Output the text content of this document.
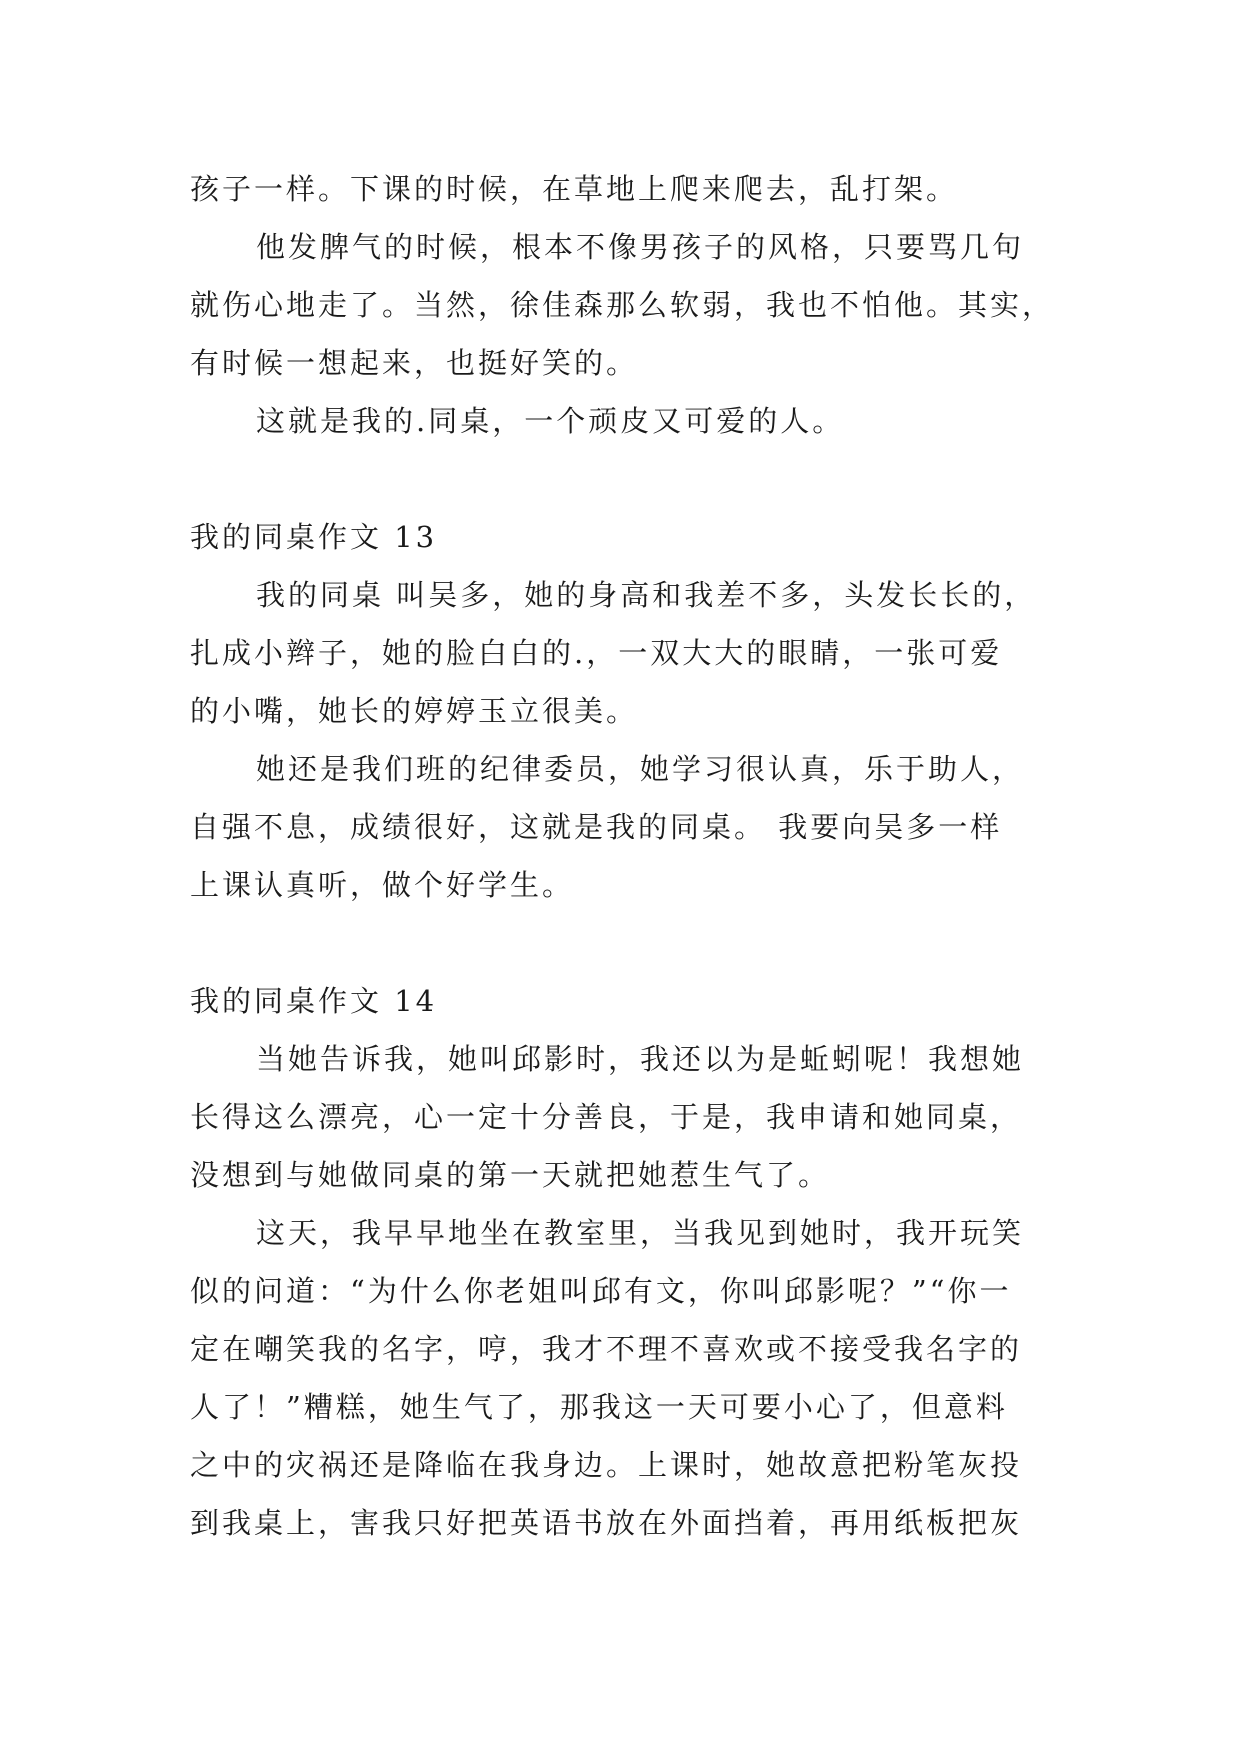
孩子一样。下课的时候，在草地上爬来爬去，乱打架。
他发脾气的时候，根本不像男孩子的风格，只要骂几句
就伤心地走了。当然，徐佳森那么软弱，我也不怕他。其实，
有时候一想起来，也挺好笑的。
这就是我的.同桌，一个顽皮又可爱的人。
我的同桌作文 13
我的同桌 叫吴多，她的身高和我差不多，头发长长的，
扎成小辫子，她的脸白白的.，一双大大的眼睛，一张可爱
的小嘴，她长的婷婷玉立很美。
她还是我们班的纪律委员，她学习很认真，乐于助人，
自强不息，成绩很好，这就是我的同桌。 我要向吴多一样
上课认真听，做个好学生。
我的同桌作文 14
当她告诉我，她叫邱影时，我还以为是蚯蚓呢！我想她
长得这么漂亮，心一定十分善良，于是，我申请和她同桌，
没想到与她做同桌的第一天就把她惹生气了。
这天，我早早地坐在教室里，当我见到她时，我开玩笑
似的问道：“为什么你老姐叫邱有文，你叫邱影呢？”“你一
定在嘲笑我的名字，哼，我才不理不喜欢或不接受我名字的
人了！”糟糕，她生气了，那我这一天可要小心了，但意料
之中的灾祸还是降临在我身边。上课时，她故意把粉笔灰投
到我桌上，害我只好把英语书放在外面挡着，再用纸板把灰
